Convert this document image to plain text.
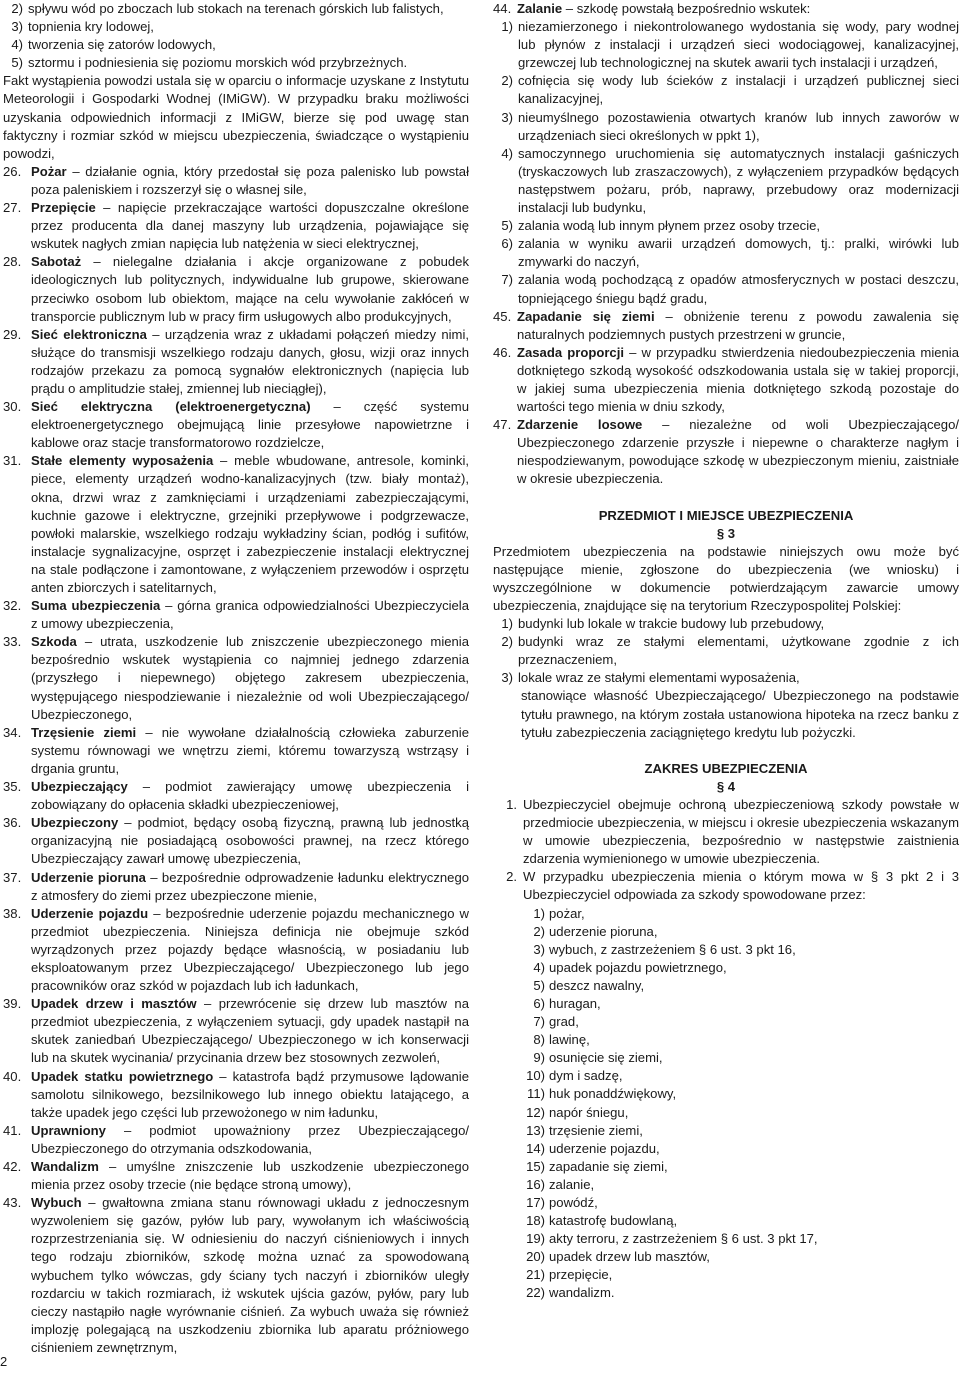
2) spływu wód po zboczach lub stokach na terenach górskich lub falistych,
3) topnienia kry lodowej,
4) tworzenia się zatorów lodowych,
5) sztormu i podniesienia się poziomu morskich wód przybrzeżnych.

Fakt wystąpienia powodzi ustala się w oparciu o informacje uzyskane z Instytutu Meteorologii i Gospodarki Wodnej (IMiGW). W przypadku braku możliwości uzyskania odpowiednich informacji z IMiGW, bierze się pod uwagę stan faktyczny i rozmiar szkód w miejscu ubezpieczenia, świadczące o wystąpieniu powodzi,

26. Pożar – działanie ognia, który przedostał się poza palenisko lub powstał poza paleniskiem i rozszerzył się o własnej sile,
27. Przepięcie – napięcie przekraczające wartości dopuszczalne określone przez producenta dla danej maszyny lub urządzenia, pojawiające się wskutek nagłych zmian napięcia lub natężenia w sieci elektrycznej,
28. Sabotaż – nielegalne działania i akcje organizowane z pobudek ideologicznych lub politycznych, indywidualne lub grupowe, skierowane przeciwko osobom lub obiektom, mające na celu wywołanie zakłóceń w transporcie publicznym lub w pracy firm usługowych albo produkcyjnych,
29. Sieć elektroniczna – urządzenia wraz z układami połączeń miedzy nimi, służące do transmisji wszelkiego rodzaju danych, głosu, wizji oraz innych rodzajów przekazu za pomocą sygnałów elektronicznych (napięcia lub prądu o amplitudzie stałej, zmiennej lub nieciągłej),
30. Sieć elektryczna (elektroenergetyczna) – część systemu elektroenergetycznego obejmującą linie przesyłowe napowietrzne i kablowe oraz stacje transformatorowo rozdzielcze,
31. Stałe elementy wyposażenia – meble wbudowane, antresole, kominki, piece, elementy urządzeń wodno-kanalizacyjnych (tzw. biały montaż), okna, drzwi wraz z zamknięciami i urządzeniami zabezpieczającymi, kuchnie gazowe i elektryczne, grzejniki przepływowe i podgrzewacze, powłoki malarskie, wszelkiego rodzaju wykładziny ścian, podłóg i sufitów, instalacje sygnalizacyjne, osprzęt i zabezpieczenie instalacji elektrycznej na stale podłączone i zamontowane, z wyłączeniem przewodów i osprzętu anten zbiorczych i satelitarnych,
32. Suma ubezpieczenia – górna granica odpowiedzialności Ubezpieczyciela z umowy ubezpieczenia,
33. Szkoda – utrata, uszkodzenie lub zniszczenie ubezpieczonego mienia bezpośrednio wskutek wystąpienia co najmniej jednego zdarzenia (przyszłego i niepewnego) objętego zakresem ubezpieczenia, występującego niespodziewanie i niezależnie od woli Ubezpieczającego/ Ubezpieczonego,
34. Trzęsienie ziemi – nie wywołane działalnością człowieka zaburzenie systemu równowagi we wnętrzu ziemi, któremu towarzyszą wstrząsy i drgania gruntu,
35. Ubezpieczający – podmiot zawierający umowę ubezpieczenia i zobowiązany do opłacenia składki ubezpieczeniowej,
36. Ubezpieczony – podmiot, będący osobą fizyczną, prawną lub jednostką organizacyjną nie posiadającą osobowości prawnej, na rzecz którego Ubezpieczający zawarł umowę ubezpieczenia,
37. Uderzenie pioruna – bezpośrednie odprowadzenie ładunku elektrycznego z atmosfery do ziemi przez ubezpieczone mienie,
38. Uderzenie pojazdu – bezpośrednie uderzenie pojazdu mechanicznego w przedmiot ubezpieczenia. Niniejsza definicja nie obejmuje szkód wyrządzonych przez pojazdy będące własnością, w posiadaniu lub eksploatowanym przez Ubezpieczającego/ Ubezpieczonego lub jego pracowników oraz szkód w pojazdach lub ich ładunkach,
39. Upadek drzew i masztów – przewrócenie się drzew lub masztów na przedmiot ubezpieczenia, z wyłączeniem sytuacji, gdy upadek nastąpił na skutek zaniedbań Ubezpieczającego/ Ubezpieczonego w ich konserwacji lub na skutek wycinania/ przycinania drzew bez stosownych zezwoleń,
40. Upadek statku powietrznego – katastrofa bądź przymusowe lądowanie samolotu silnikowego, bezsilnikowego lub innego obiektu latającego, a także upadek jego części lub przewożonego w nim ładunku,
41. Uprawniony – podmiot upoważniony przez Ubezpieczającego/ Ubezpieczonego do otrzymania odszkodowania,
42. Wandalizm – umyślne zniszczenie lub uszkodzenie ubezpieczonego mienia przez osoby trzecie (nie będące stroną umowy),
43. Wybuch – gwałtowna zmiana stanu równowagi układu z jednoczesnym wyzwoleniem się gazów, pyłów lub pary, wywołanym ich właściwością rozprzestrzeniania się. W odniesieniu do naczyń ciśnieniowych i innych tego rodzaju zbiorników, szkodę można uznać za spowodowaną wybuchem tylko wówczas, gdy ściany tych naczyń i zbiorników uległy rozdarciu w takich rozmiarach, iż wskutek ujścia gazów, pyłów, pary lub cieczy nastąpiło nagłe wyrównanie ciśnień. Za wybuch uważa się również implozję polegającą na uszkodzeniu zbiornika lub aparatu próżniowego ciśnieniem zewnętrznym,
44. Zalanie – szkodę powstałą bezpośrednio wskutek:
1) niezamierzonego i niekontrolowanego wydostania się wody, pary wodnej lub płynów z instalacji i urządzeń sieci wodociągowej, kanalizacyjnej, grzewczej lub technologicznej na skutek awarii tych instalacji i urządzeń,
2) cofnięcia się wody lub ścieków z instalacji i urządzeń publicznej sieci kanalizacyjnej,
3) nieumyślnego pozostawienia otwartych kranów lub innych zaworów w urządzeniach sieci określonych w ppkt 1),
4) samoczynnego uruchomienia się automatycznych instalacji gaśniczych (tryskaczowych lub zraszaczowych), z wyłączeniem przypadków będących następstwem pożaru, prób, naprawy, przebudowy oraz modernizacji instalacji lub budynku,
5) zalania wodą lub innym płynem przez osoby trzecie,
6) zalania w wyniku awarii urządzeń domowych, tj.: pralki, wirówki lub zmywarki do naczyń,
7) zalania wodą pochodzącą z opadów atmosferycznych w postaci deszczu, topniejącego śniegu bądź gradu,
45. Zapadanie się ziemi – obniżenie terenu z powodu zawalenia się naturalnych podziemnych pustych przestrzeni w gruncie,
46. Zasada proporcji – w przypadku stwierdzenia niedoubezpieczenia mienia dotkniętego szkodą wysokość odszkodowania ustala się w takiej proporcji, w jakiej suma ubezpieczenia mienia dotkniętego szkodą pozostaje do wartości tego mienia w dniu szkody,
47. Zdarzenie losowe – niezależne od woli Ubezpieczającego/ Ubezpieczonego zdarzenie przyszłe i niepewne o charakterze nagłym i niespodziewanym, powodujące szkodę w ubezpieczonym mieniu, zaistniałe w okresie ubezpieczenia.

PRZEDMIOT I MIEJSCE UBEZPIECZENIA

§ 3

Przedmiotem ubezpieczenia na podstawie niniejszych owu może być następujące mienie, zgłoszone do ubezpieczenia (we wniosku) i wyszczególnione w dokumencie potwierdzającym zawarcie umowy ubezpieczenia, znajdujące się na terytorium Rzeczypospolitej Polskiej:

1) budynki lub lokale w trakcie budowy lub przebudowy,
2) budynki wraz ze stałymi elementami, użytkowane zgodnie z ich przeznaczeniem,
3) lokale wraz ze stałymi elementami wyposażenia,

stanowiące własność Ubezpieczającego/ Ubezpieczonego na podstawie tytułu prawnego, na którym została ustanowiona hipoteka na rzecz banku z tytułu zabezpieczenia zaciągniętego kredytu lub pożyczki.

ZAKRES UBEZPIECZENIA

§ 4

1. Ubezpieczyciel obejmuje ochroną ubezpieczeniową szkody powstałe w przedmiocie ubezpieczenia, w miejscu i okresie ubezpieczenia wskazanym w umowie ubezpieczenia, bezpośrednio w następstwie zaistnienia zdarzenia wymienionego w umowie ubezpieczenia.
2. W przypadku ubezpieczenia mienia o którym mowa w § 3 pkt 2 i 3 Ubezpieczyciel odpowiada za szkody spowodowane przez:
1) pożar,
2) uderzenie pioruna,
3) wybuch, z zastrzeżeniem § 6 ust. 3 pkt 16,
4) upadek pojazdu powietrznego,
5) deszcz nawalny,
6) huragan,
7) grad,
8) lawinę,
9) osunięcie się ziemi,
10) dym i sadzę,
11) huk ponaddźwiękowy,
12) napór śniegu,
13) trzęsienie ziemi,
14) uderzenie pojazdu,
15) zapadanie się ziemi,
16) zalanie,
17) powódź,
18) katastrofę budowlaną,
19) akty terroru, z zastrzeżeniem § 6 ust. 3 pkt 17,
20) upadek drzew lub masztów,
21) przepięcie,
22) wandalizm.
2
